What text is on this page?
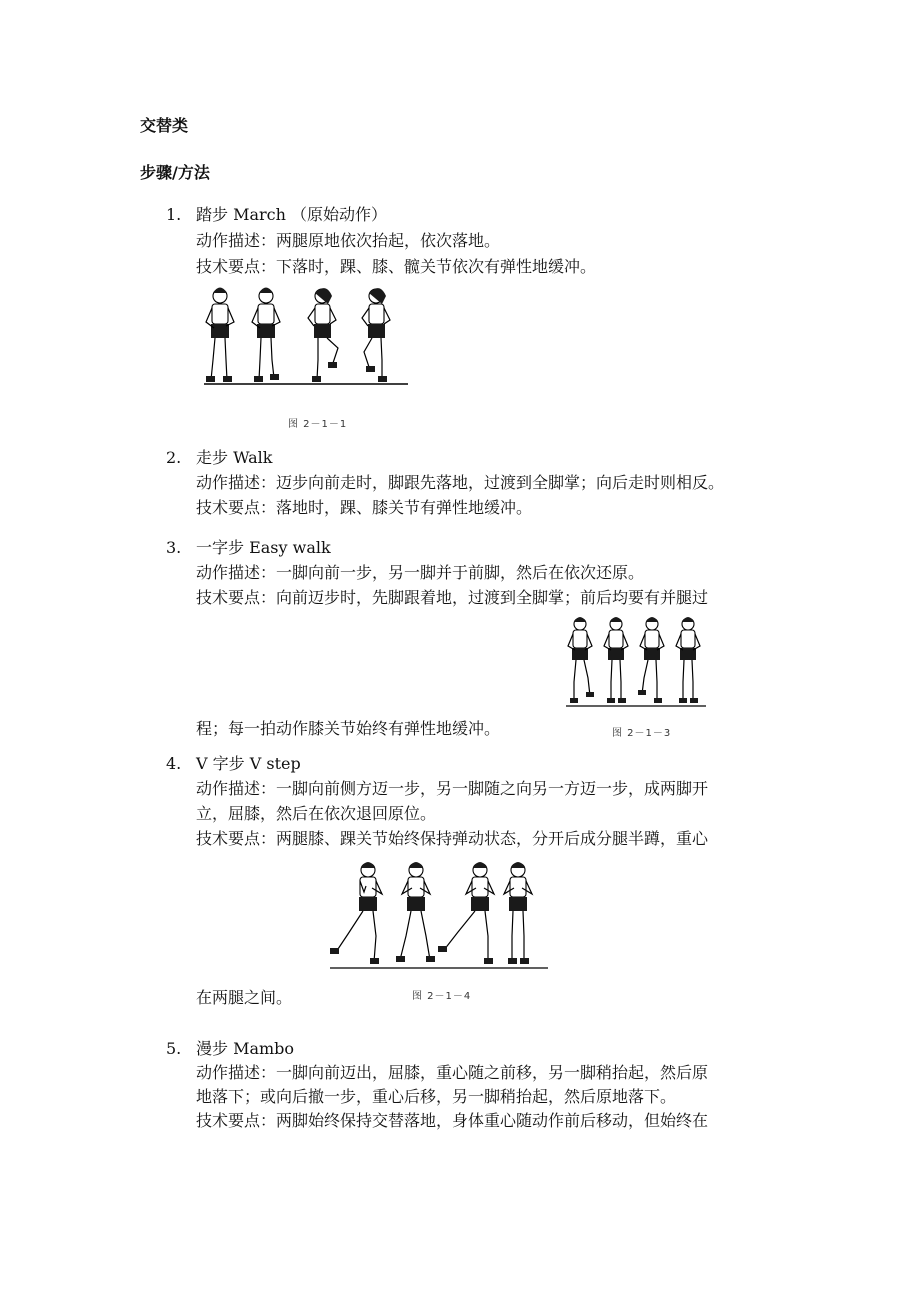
交替类
步骤/方法
1. 踏步 March （原始动作）
动作描述：两腿原地依次抬起，依次落地。
技术要点：下落时，踝、膝、髋关节依次有弹性地缓冲。
图 2－1－1
2. 走步 Walk
动作描述：迈步向前走时，脚跟先落地，过渡到全脚掌；向后走时则相反。
技术要点：落地时，踝、膝关节有弹性地缓冲。
3. 一字步 Easy walk
动作描述：一脚向前一步，另一脚并于前脚，然后在依次还原。
技术要点：向前迈步时，先脚跟着地，过渡到全脚掌；前后均要有并腿过
程；每一拍动作膝关节始终有弹性地缓冲。	图 2－1－3
4. V 字步 V step
动作描述：一脚向前侧方迈一步，另一脚随之向另一方迈一步，成两脚开
立，屈膝，然后在依次退回原位。
技术要点：两腿膝、踝关节始终保持弹动状态，分开后成分腿半蹲，重心
在两腿之间。	图 2－1－4
5. 漫步 Mambo
动作描述：一脚向前迈出，屈膝，重心随之前移，另一脚稍抬起，然后原
地落下；或向后撤一步，重心后移，另一脚稍抬起，然后原地落下。
技术要点：两脚始终保持交替落地，身体重心随动作前后移动，但始终在
